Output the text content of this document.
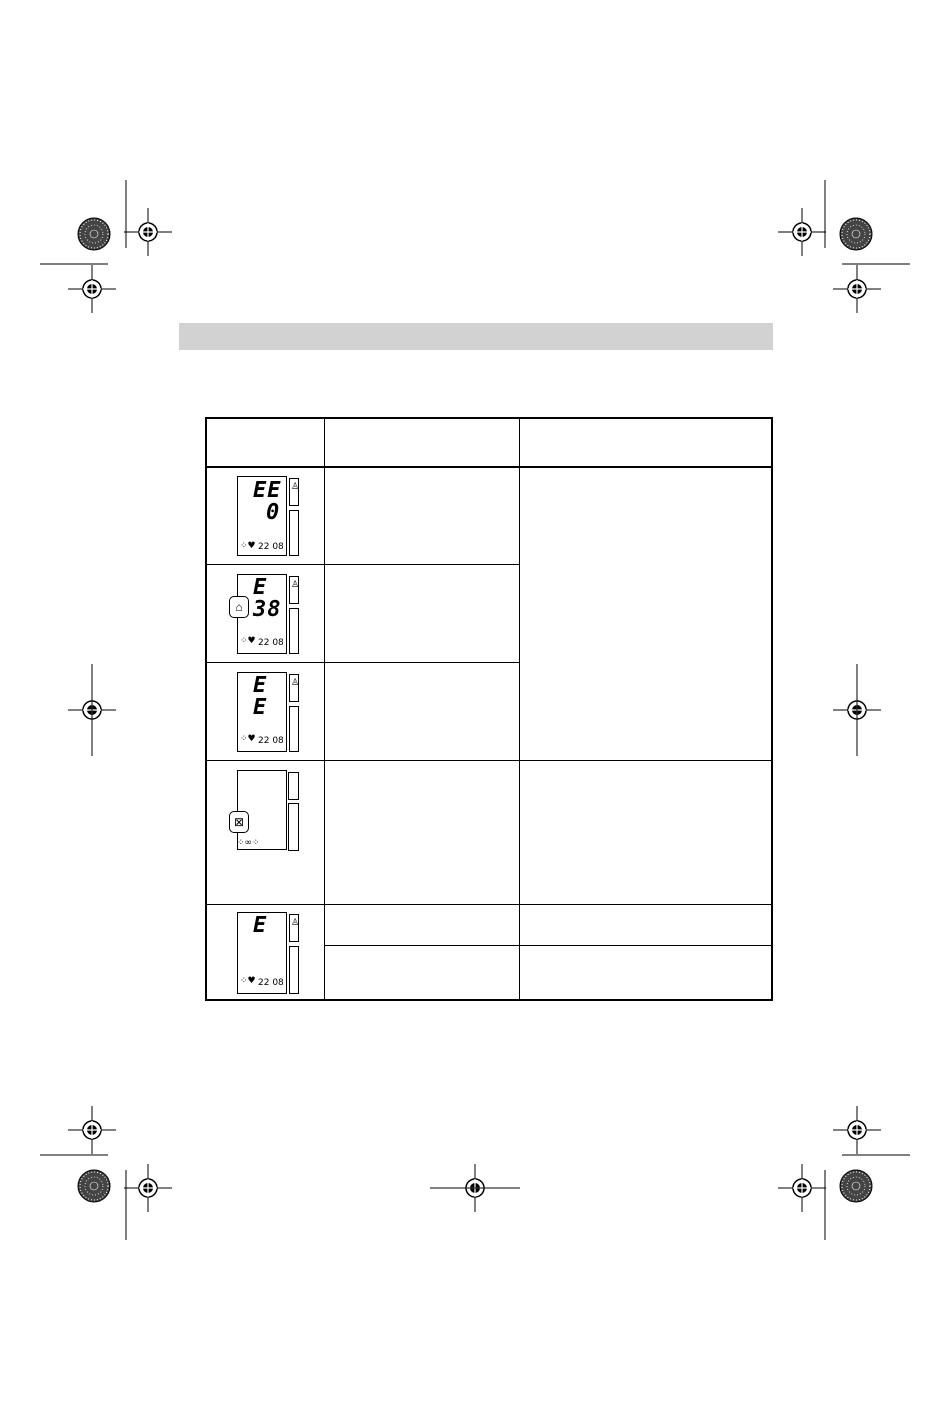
♙
EE
0
⁘♥ 22 08
♙
E
38
⌂
⁘♥ 22 08
♙
E
E
⁘♥ 22 08
⊠
⁘∞⁘
♙
E
⁘♥ 22 08
